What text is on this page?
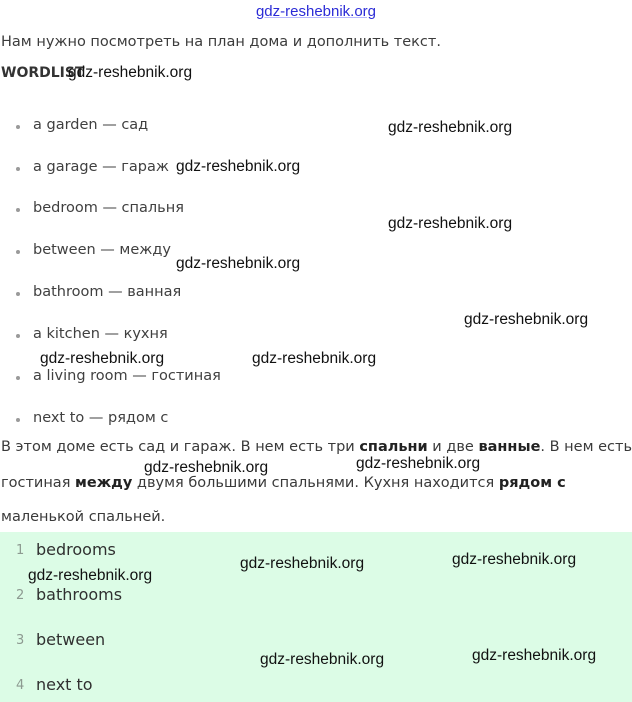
gdz-reshebnik.org
Нам нужно посмотреть на план дома и дополнить текст.
WORDLIST
a garden — сад
a garage — гараж
bedroom — спальня
between — между
bathroom — ванная
a kitchen — кухня
a living room — гостиная
next to — рядом с
В этом доме есть сад и гараж. В нем есть три спальни и две ванные. В нем есть
гостиная между двумя большими спальнями. Кухня находится рядом с
маленькой спальней.
1 bedrooms
2 bathrooms
3 between
4 next to
gdz-reshebnik.org
gdz-reshebnik.org
gdz-reshebnik.org
gdz-reshebnik.org
gdz-reshebnik.org
gdz-reshebnik.org
gdz-reshebnik.org	gdz-reshebnik.org
gdz-reshebnik.org	gdz-reshebnik.org
gdz-reshebnik.org	gdz-reshebnik.org
gdz-reshebnik.org
gdz-reshebnik.org	gdz-reshebnik.org
